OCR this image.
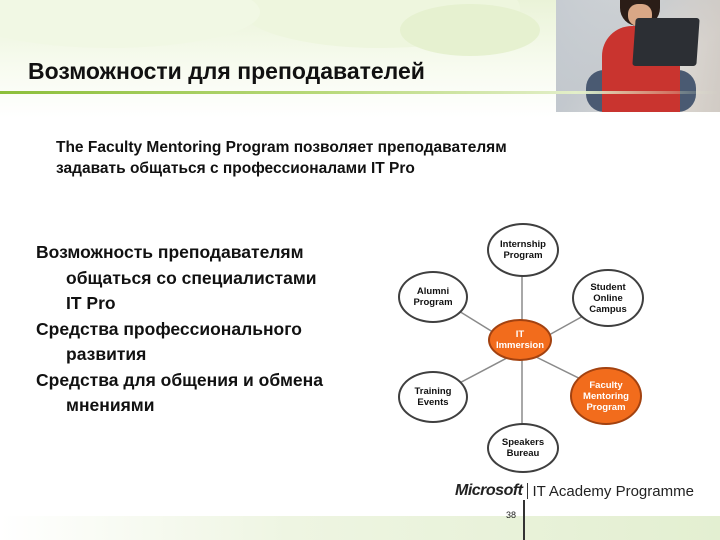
Возможности для преподавателей
The Faculty Mentoring Program позволяет преподавателям
задавать общаться с профессионалами IT Pro
Возможность преподавателям
общаться со специалистами
IT Pro
Средства профессионального
развития
Средства для общения и обмена
мнениями
IT
Immersion
Internship
Program
Student
Online
Campus
Faculty
Mentoring
Program
Speakers
Bureau
Training
Events
Alumni
Program
Microsoft IT Academy Programme
38
